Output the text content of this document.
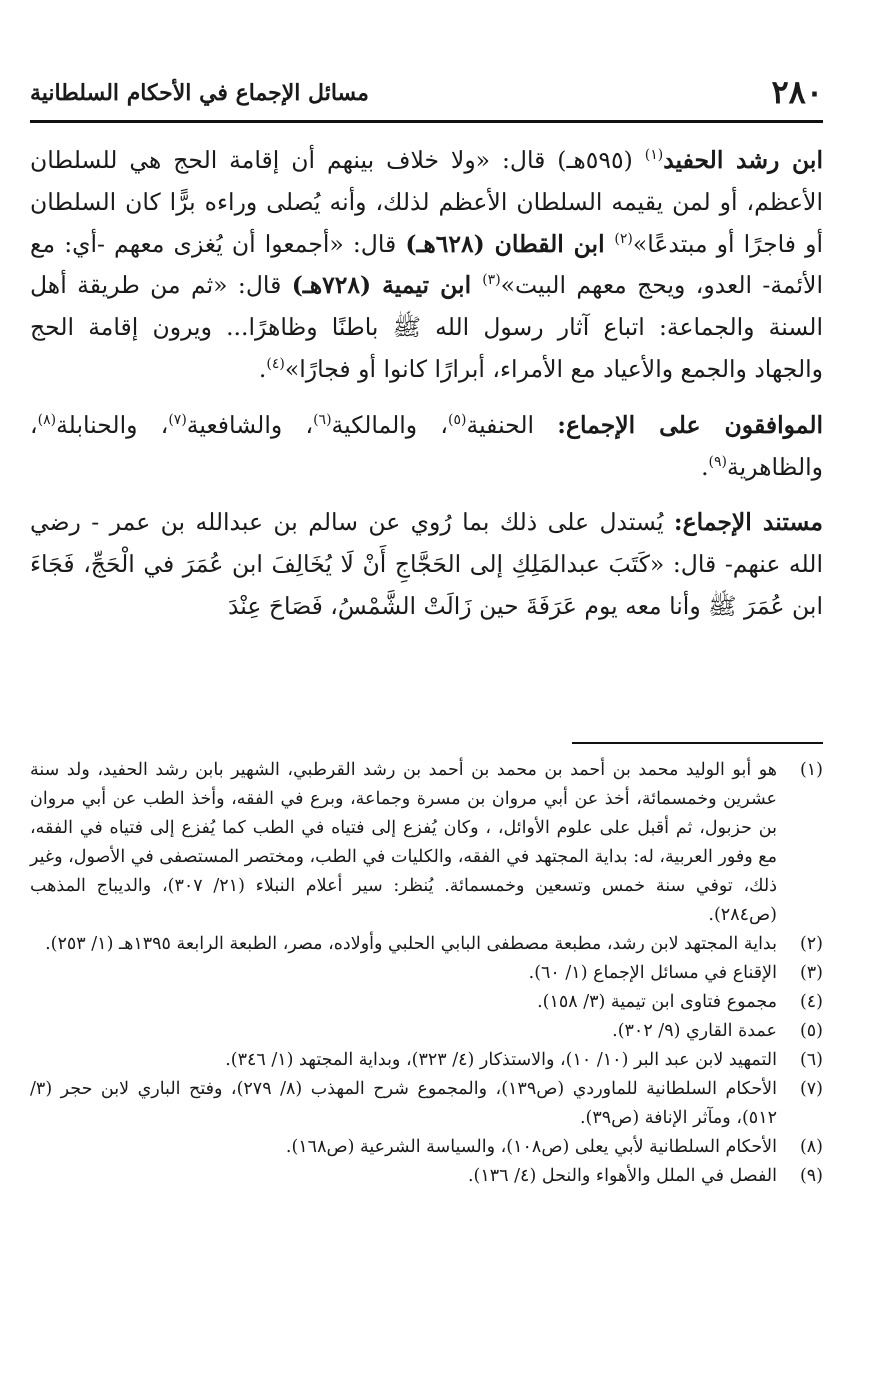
٢٨٠
مسائل الإجماع في الأحكام السلطانية

ابن رشد الحفيد$^{(١)}$ (٥٩٥هـ) قال: «ولا خلاف بينهم أن إقامة الحج هي للسلطان الأعظم، أو لمن يقيمه السلطان الأعظم لذلك، وأنه يُصلى وراءه برًّا كان السلطان أو فاجرًا أو مبتدعًا»$^{(٢)}$ ابن القطان (٦٢٨هـ) قال: «أجمعوا أن يُغزى معهم -أي: مع الأئمة- العدو، ويحج معهم البيت»$^{(٣)}$ ابن تيمية (٧٢٨هـ) قال: «ثم من طريقة أهل السنة والجماعة: اتباع آثار رسول الله ﷺ باطنًا وظاهرًا... ويرون إقامة الحج والجهاد والجمع والأعياد مع الأمراء، أبرارًا كانوا أو فجارًا»$^{(٤)}$.

الموافقون على الإجماع: الحنفية$^{(٥)}$، والمالكية$^{(٦)}$، والشافعية$^{(٧)}$، والحنابلة$^{(٨)}$، والظاهرية$^{(٩)}$.

مستند الإجماع: يُستدل على ذلك بما رُوي عن سالم بن عبدالله بن عمر - رضي الله عنهم- قال: «كَتَبَ عبدالمَلِكِ إلى الحَجَّاجِ أَنْ لَا يُخَالِفَ ابن عُمَرَ في الْحَجِّ، فَجَاءَ ابن عُمَرَ ﷺ وأنا معه يوم عَرَفَةَ حين زَالَتْ الشَّمْسُ، فَصَاحَ عِنْدَ

(١)
هو أبو الوليد محمد بن أحمد بن محمد بن أحمد بن رشد القرطبي، الشهير بابن رشد الحفيد، ولد سنة عشرين وخمسمائة، أخذ عن أبي مروان بن مسرة وجماعة، وبرع في الفقه، وأخذ الطب عن أبي مروان بن حزبول، ثم أقبل على علوم الأوائل، ، وكان يُفزع إلى فتياه في الطب كما يُفزع إلى فتياه في الفقه، مع وفور العربية، له: بداية المجتهد في الفقه، والكليات في الطب، ومختصر المستصفى في الأصول، وغير ذلك، توفي سنة خمس وتسعين وخمسمائة. يُنظر: سير أعلام النبلاء (٢١/ ٣٠٧)، والديباج المذهب (ص٢٨٤).
(٢)
بداية المجتهد لابن رشد، مطبعة مصطفى البابي الحلبي وأولاده، مصر، الطبعة الرابعة ١٣٩٥هـ (١/ ٢٥٣).
(٣)
الإقناع في مسائل الإجماع (١/ ٦٠).
(٤)
مجموع فتاوى ابن تيمية (٣/ ١٥٨).
(٥)
عمدة القاري (٩/ ٣٠٢).
(٦)
التمهيد لابن عبد البر (١٠/ ١٠)، والاستذكار (٤/ ٣٢٣)، وبداية المجتهد (١/ ٣٤٦).
(٧)
الأحكام السلطانية للماوردي (ص١٣٩)، والمجموع شرح المهذب (٨/ ٢٧٩)، وفتح الباري لابن حجر (٣/ ٥١٢)، ومآثر الإنافة (ص٣٩).
(٨)
الأحكام السلطانية لأبي يعلى (ص١٠٨)، والسياسة الشرعية (ص١٦٨).
(٩)
الفصل في الملل والأهواء والنحل (٤/ ١٣٦).
